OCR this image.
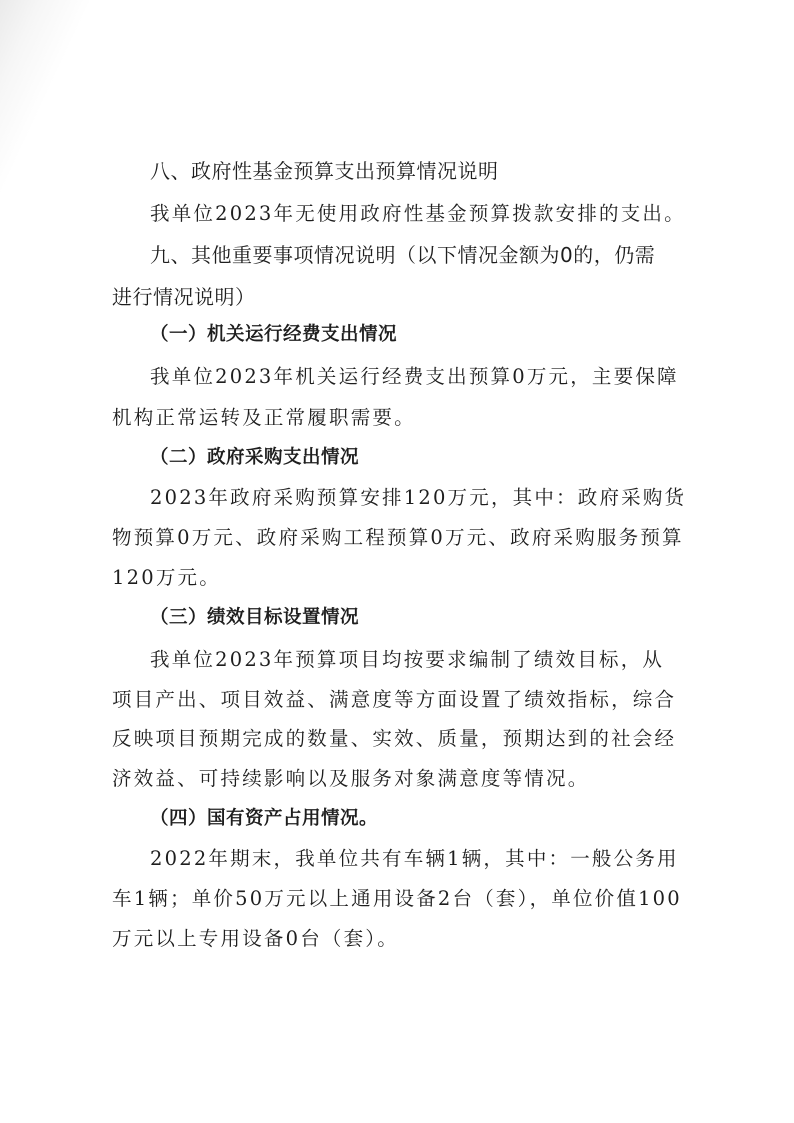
八、政府性基金预算支出预算情况说明

我单位2023年无使用政府性基金预算拨款安排的支出。

九、其他重要事项情况说明（以下情况金额为0的，仍需

进行情况说明）

（一）机关运行经费支出情况

我单位2023年机关运行经费支出预算0万元，主要保障

机构正常运转及正常履职需要。

（二）政府采购支出情况

2023年政府采购预算安排120万元，其中：政府采购货

物预算0万元、政府采购工程预算0万元、政府采购服务预算

120万元。

（三）绩效目标设置情况

我单位2023年预算项目均按要求编制了绩效目标，从

项目产出、项目效益、满意度等方面设置了绩效指标，综合

反映项目预期完成的数量、实效、质量，预期达到的社会经

济效益、可持续影响以及服务对象满意度等情况。

（四）国有资产占用情况。

2022年期末，我单位共有车辆1辆，其中：一般公务用

车1辆；单价50万元以上通用设备2台（套），单位价值100

万元以上专用设备0台（套）。
